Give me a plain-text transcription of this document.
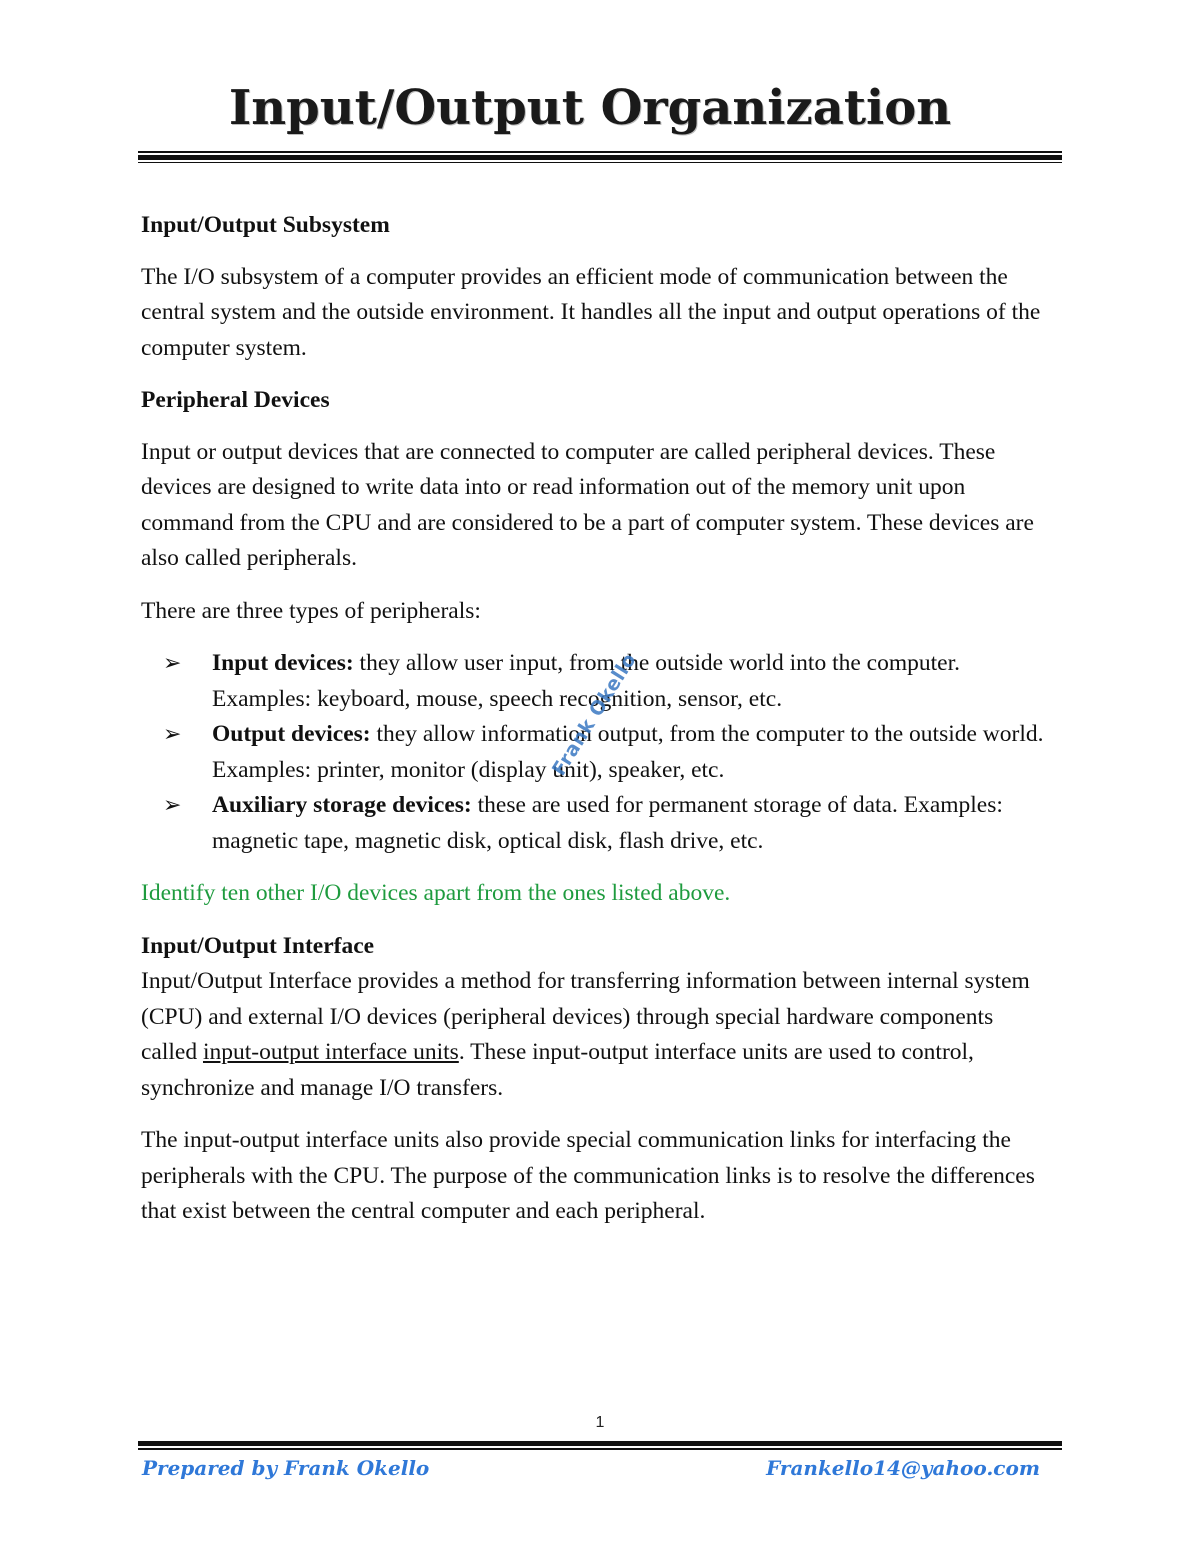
Input/Output Organization
Input/Output Subsystem

The I/O subsystem of a computer provides an efficient mode of communication between the central system and the outside environment. It handles all the input and output operations of the computer system.

Peripheral Devices

Input or output devices that are connected to computer are called peripheral devices. These devices are designed to write data into or read information out of the memory unit upon command from the CPU and are considered to be a part of computer system. These devices are also called peripherals.

There are three types of peripherals:

➢	Input devices: they allow user input, from the outside world into the computer. Examples: keyboard, mouse, speech recognition, sensor, etc.
➢	Output devices: they allow information output, from the computer to the outside world. Examples: printer, monitor (display unit), speaker, etc.
➢	Auxiliary storage devices: these are used for permanent storage of data. Examples: magnetic tape, magnetic disk, optical disk, flash drive, etc.

Identify ten other I/O devices apart from the ones listed above.

Input/Output Interface

Input/Output Interface provides a method for transferring information between internal system (CPU) and external I/O devices (peripheral devices) through special hardware components called input-output interface units. These input-output interface units are used to control, synchronize and manage I/O transfers.

The input-output interface units also provide special communication links for interfacing the peripherals with the CPU. The purpose of the communication links is to resolve the differences that exist between the central computer and each peripheral.

Frank Okello
1
Prepared by Frank Okello	Frankello14@yahoo.com
